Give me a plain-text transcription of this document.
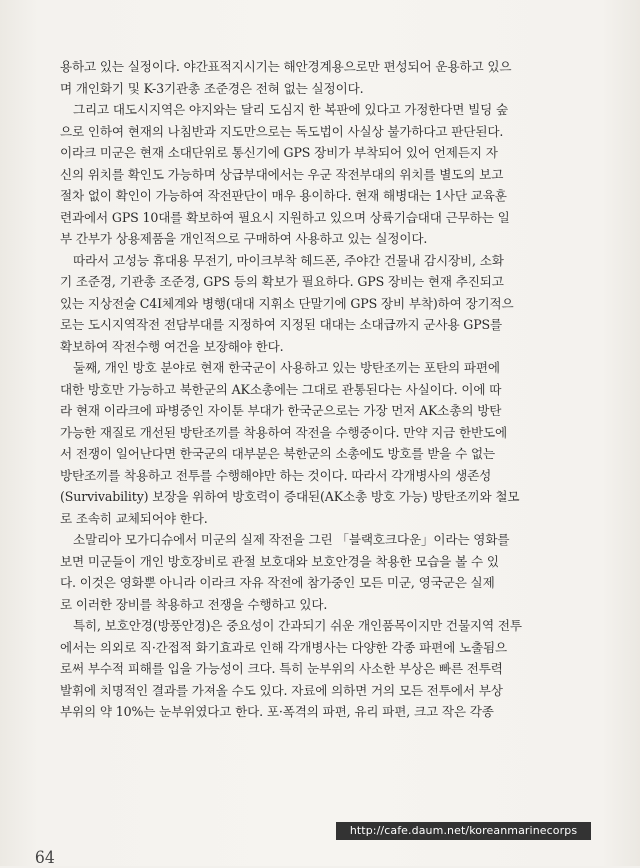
용하고 있는 실정이다. 야간표적지시기는 해안경계용으로만 편성되어 운용하고 있으
며 개인화기 및 K-3기관총 조준경은 전혀 없는 실정이다.
그리고 대도시지역은 야지와는 달리 도심지 한 복판에 있다고 가정한다면 빌딩 숲
으로 인하여 현재의 나침반과 지도만으로는 독도법이 사실상 불가하다고 판단된다.
이라크 미군은 현재 소대단위로 통신기에 GPS 장비가 부착되어 있어 언제든지 자
신의 위치를 확인도 가능하며 상급부대에서는 우군 작전부대의 위치를 별도의 보고
절차 없이 확인이 가능하여 작전판단이 매우 용이하다. 현재 해병대는 1사단 교육훈
련과에서 GPS 10대를 확보하여 필요시 지원하고 있으며 상륙기습대대 근무하는 일
부 간부가 상용제품을 개인적으로 구매하여 사용하고 있는 실정이다.
따라서 고성능 휴대용 무전기, 마이크부착 헤드폰, 주야간 건물내 감시장비, 소화
기 조준경, 기관총 조준경, GPS 등의 확보가 필요하다. GPS 장비는 현재 추진되고
있는 지상전술 C4I체계와 병행(대대 지휘소 단말기에 GPS 장비 부착)하여 장기적으
로는 도시지역작전 전담부대를 지정하여 지정된 대대는 소대급까지 군사용 GPS를
확보하여 작전수행 여건을 보장해야 한다.
둘째, 개인 방호 분야로 현재 한국군이 사용하고 있는 방탄조끼는 포탄의 파편에
대한 방호만 가능하고 북한군의 AK소총에는 그대로 관통된다는 사실이다. 이에 따
라 현재 이라크에 파병중인 자이툰 부대가 한국군으로는 가장 먼저 AK소총의 방탄
가능한 재질로 개선된 방탄조끼를 착용하여 작전을 수행중이다. 만약 지금 한반도에
서 전쟁이 일어난다면 한국군의 대부분은 북한군의 소총에도 방호를 받을 수 없는
방탄조끼를 착용하고 전투를 수행해야만 하는 것이다. 따라서 각개병사의 생존성
(Survivability) 보장을 위하여 방호력이 증대된(AK소총 방호 가능) 방탄조끼와 철모
로 조속히 교체되어야 한다.
소말리아 모가디슈에서 미군의 실제 작전을 그린 「블랙호크다운」이라는 영화를
보면 미군들이 개인 방호장비로 관절 보호대와 보호안경을 착용한 모습을 볼 수 있
다. 이것은 영화뿐 아니라 이라크 자유 작전에 참가중인 모든 미군, 영국군은 실제
로 이러한 장비를 착용하고 전쟁을 수행하고 있다.
특히, 보호안경(방풍안경)은 중요성이 간과되기 쉬운 개인품목이지만 건물지역 전투
에서는 의외로 직·간접적 화기효과로 인해 각개병사는 다양한 각종 파편에 노출됨으
로써 부수적 피해를 입을 가능성이 크다. 특히 눈부위의 사소한 부상은 빠른 전투력
발휘에 치명적인 결과를 가져올 수도 있다. 자료에 의하면 거의 모든 전투에서 부상
부위의 약 10%는 눈부위였다고 한다. 포·폭격의 파편, 유리 파편, 크고 작은 각종
http://cafe.daum.net/koreanmarinecorps
64
